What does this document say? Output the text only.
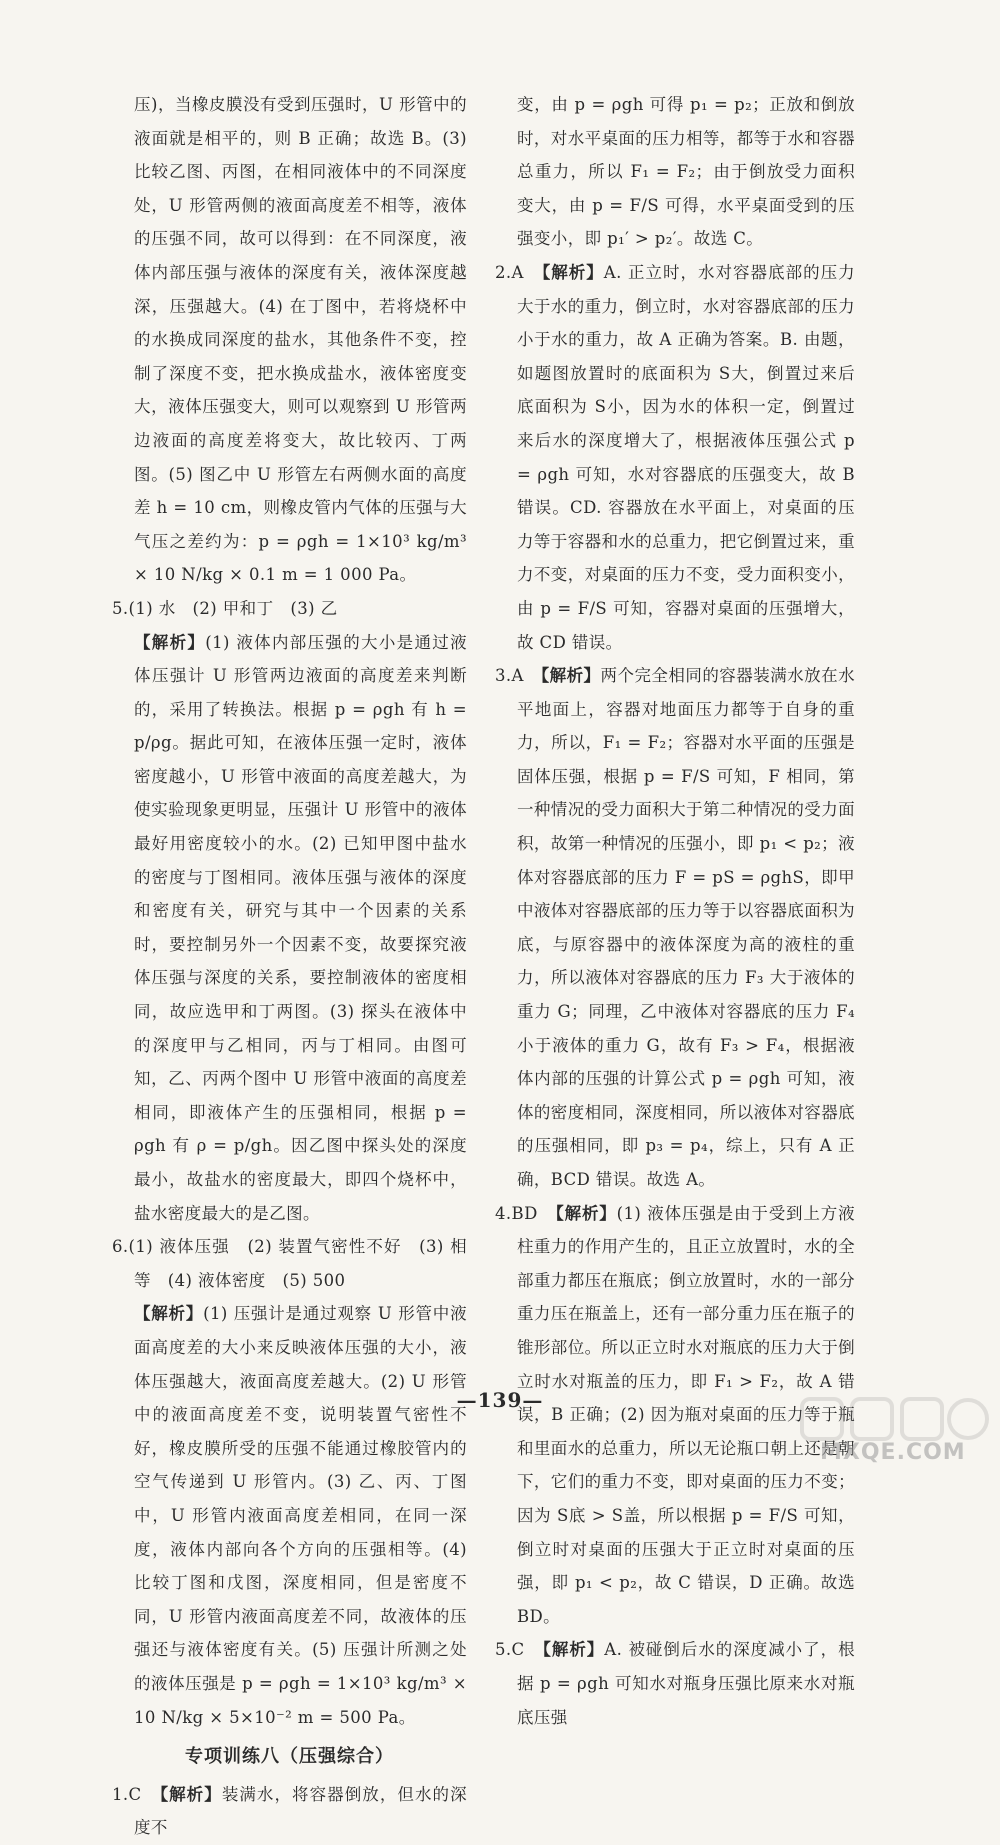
压)，当橡皮膜没有受到压强时，U 形管中的液面就是相平的，则 B 正确；故选 B。(3) 比较乙图、丙图，在相同液体中的不同深度处，U 形管两侧的液面高度差不相等，液体的压强不同，故可以得到：在不同深度，液体内部压强与液体的深度有关，液体深度越深，压强越大。(4) 在丁图中，若将烧杯中的水换成同深度的盐水，其他条件不变，控制了深度不变，把水换成盐水，液体密度变大，液体压强变大，则可以观察到 U 形管两边液面的高度差将变大，故比较丙、丁两图。(5) 图乙中 U 形管左右两侧水面的高度差 h = 10 cm，则橡皮管内气体的压强与大气压之差约为：p = ρgh = 1×10³ kg/m³ × 10 N/kg × 0.1 m = 1 000 Pa。

5.(1) 水　(2) 甲和丁　(3) 乙

【解析】(1) 液体内部压强的大小是通过液体压强计 U 形管两边液面的高度差来判断的，采用了转换法。根据 p = ρgh 有 h = p/ρg。据此可知，在液体压强一定时，液体密度越小，U 形管中液面的高度差越大，为使实验现象更明显，压强计 U 形管中的液体最好用密度较小的水。(2) 已知甲图中盐水的密度与丁图相同。液体压强与液体的深度和密度有关，研究与其中一个因素的关系时，要控制另外一个因素不变，故要探究液体压强与深度的关系，要控制液体的密度相同，故应选甲和丁两图。(3) 探头在液体中的深度甲与乙相同，丙与丁相同。由图可知，乙、丙两个图中 U 形管中液面的高度差相同，即液体产生的压强相同，根据 p = ρgh 有 ρ = p/gh。因乙图中探头处的深度最小，故盐水的密度最大，即四个烧杯中，盐水密度最大的是乙图。

6.(1) 液体压强　(2) 装置气密性不好　(3) 相等　(4) 液体密度　(5) 500

【解析】(1) 压强计是通过观察 U 形管中液面高度差的大小来反映液体压强的大小，液体压强越大，液面高度差越大。(2) U 形管中的液面高度差不变，说明装置气密性不好，橡皮膜所受的压强不能通过橡胶管内的空气传递到 U 形管内。(3) 乙、丙、丁图中，U 形管内液面高度差相同，在同一深度，液体内部向各个方向的压强相等。(4) 比较丁图和戊图，深度相同，但是密度不同，U 形管内液面高度差不同，故液体的压强还与液体密度有关。(5) 压强计所测之处的液体压强是 p = ρgh = 1×10³ kg/m³ × 10 N/kg × 5×10⁻² m = 500 Pa。

专项训练八（压强综合）

1.C　 【解析】装满水，将容器倒放，但水的深度不

变，由 p = ρgh 可得 p₁ = p₂；正放和倒放时，对水平桌面的压力相等，都等于水和容器总重力，所以 F₁ = F₂；由于倒放受力面积变大，由 p = F/S 可得，水平桌面受到的压强变小，即 p₁′ > p₂′。故选 C。

2.A　 【解析】A. 正立时，水对容器底部的压力大于水的重力，倒立时，水对容器底部的压力小于水的重力，故 A 正确为答案。B. 由题，如题图放置时的底面积为 S大，倒置过来后底面积为 S小，因为水的体积一定，倒置过来后水的深度增大了，根据液体压强公式 p = ρgh 可知，水对容器底的压强变大，故 B 错误。CD. 容器放在水平面上，对桌面的压力等于容器和水的总重力，把它倒置过来，重力不变，对桌面的压力不变，受力面积变小，由 p = F/S 可知，容器对桌面的压强增大，故 CD 错误。

3.A　 【解析】两个完全相同的容器装满水放在水平地面上，容器对地面压力都等于自身的重力，所以，F₁ = F₂；容器对水平面的压强是固体压强，根据 p = F/S 可知，F 相同，第一种情况的受力面积大于第二种情况的受力面积，故第一种情况的压强小，即 p₁ < p₂；液体对容器底部的压力 F = pS = ρghS，即甲中液体对容器底部的压力等于以容器底面积为底，与原容器中的液体深度为高的液柱的重力，所以液体对容器底的压力 F₃ 大于液体的重力 G；同理，乙中液体对容器底的压力 F₄ 小于液体的重力 G，故有 F₃ > F₄，根据液体内部的压强的计算公式 p = ρgh 可知，液体的密度相同，深度相同，所以液体对容器底的压强相同，即 p₃ = p₄，综上，只有 A 正确，BCD 错误。故选 A。

4.BD　 【解析】(1) 液体压强是由于受到上方液柱重力的作用产生的，且正立放置时，水的全部重力都压在瓶底；倒立放置时，水的一部分重力压在瓶盖上，还有一部分重力压在瓶子的锥形部位。所以正立时水对瓶底的压力大于倒立时水对瓶盖的压力，即 F₁ > F₂，故 A 错误，B 正确；(2) 因为瓶对桌面的压力等于瓶和里面水的总重力，所以无论瓶口朝上还是朝下，它们的重力不变，即对桌面的压力不变；因为 S底 > S盖，所以根据 p = F/S 可知，倒立时对桌面的压强大于正立时对桌面的压强，即 p₁ < p₂，故 C 错误，D 正确。故选 BD。

5.C　 【解析】A. 被碰倒后水的深度减小了，根据 p = ρgh 可知水对瓶身压强比原来水对瓶底压强

—139—
MXQE.COM
